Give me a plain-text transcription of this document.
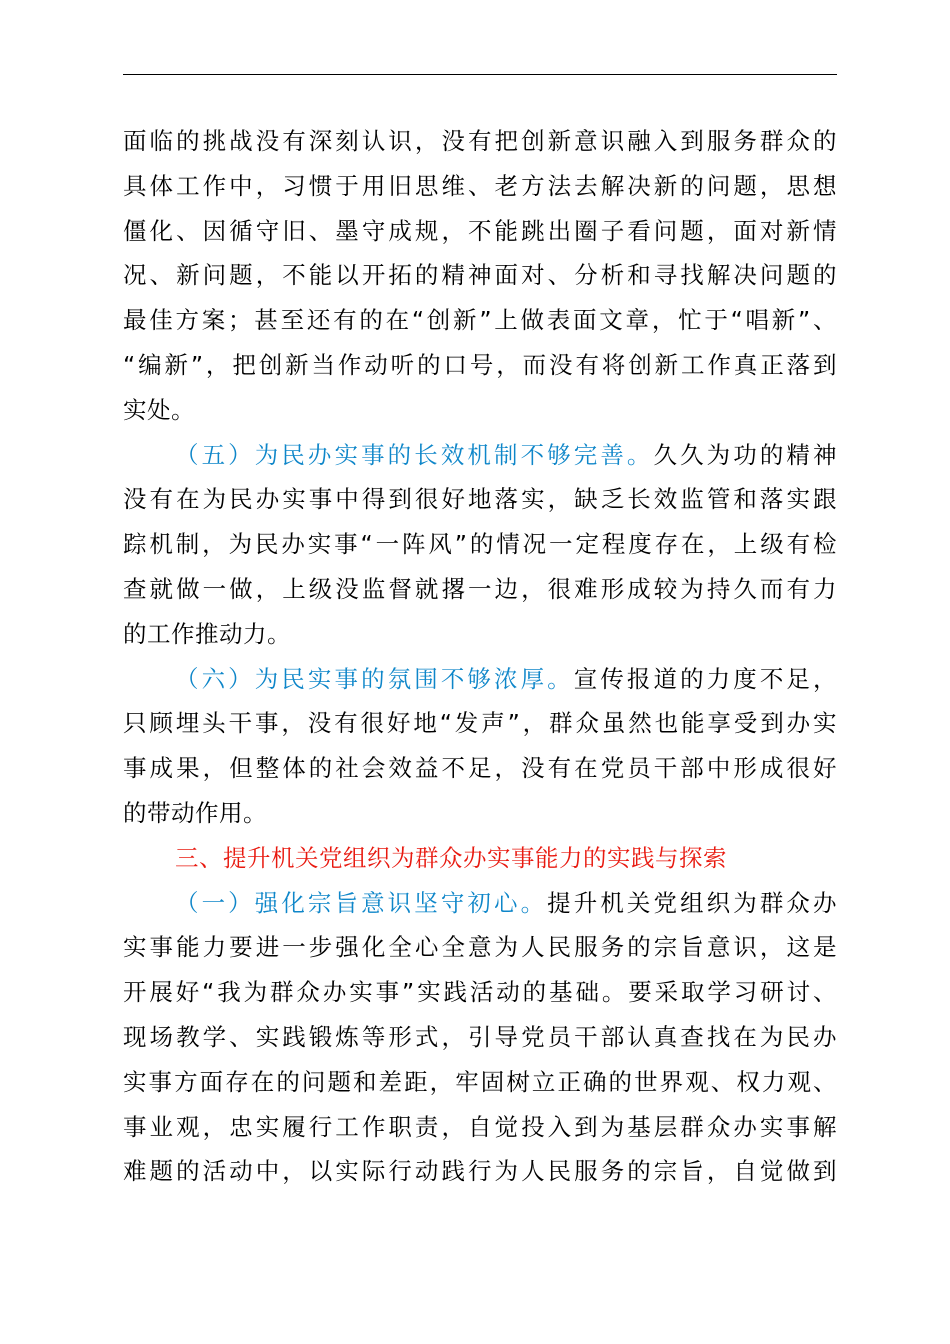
面临的挑战没有深刻认识，没有把创新意识融入到服务群众的
具体工作中，习惯于用旧思维、老方法去解决新的问题，思想
僵化、因循守旧、墨守成规，不能跳出圈子看问题，面对新情
况、新问题，不能以开拓的精神面对、分析和寻找解决问题的
最佳方案；甚至还有的在“创新”上做表面文章，忙于“唱新”、
“编新”，把创新当作动听的口号，而没有将创新工作真正落到
实处。
（五）为民办实事的长效机制不够完善。久久为功的精神
没有在为民办实事中得到很好地落实，缺乏长效监管和落实跟
踪机制，为民办实事“一阵风”的情况一定程度存在，上级有检
查就做一做，上级没监督就撂一边，很难形成较为持久而有力
的工作推动力。
（六）为民实事的氛围不够浓厚。宣传报道的力度不足，
只顾埋头干事，没有很好地“发声”，群众虽然也能享受到办实
事成果，但整体的社会效益不足，没有在党员干部中形成很好
的带动作用。
三、提升机关党组织为群众办实事能力的实践与探索
（一）强化宗旨意识坚守初心。提升机关党组织为群众办
实事能力要进一步强化全心全意为人民服务的宗旨意识，这是
开展好“我为群众办实事”实践活动的基础。要采取学习研讨、
现场教学、实践锻炼等形式，引导党员干部认真查找在为民办
实事方面存在的问题和差距，牢固树立正确的世界观、权力观、
事业观，忠实履行工作职责，自觉投入到为基层群众办实事解
难题的活动中，以实际行动践行为人民服务的宗旨，自觉做到
